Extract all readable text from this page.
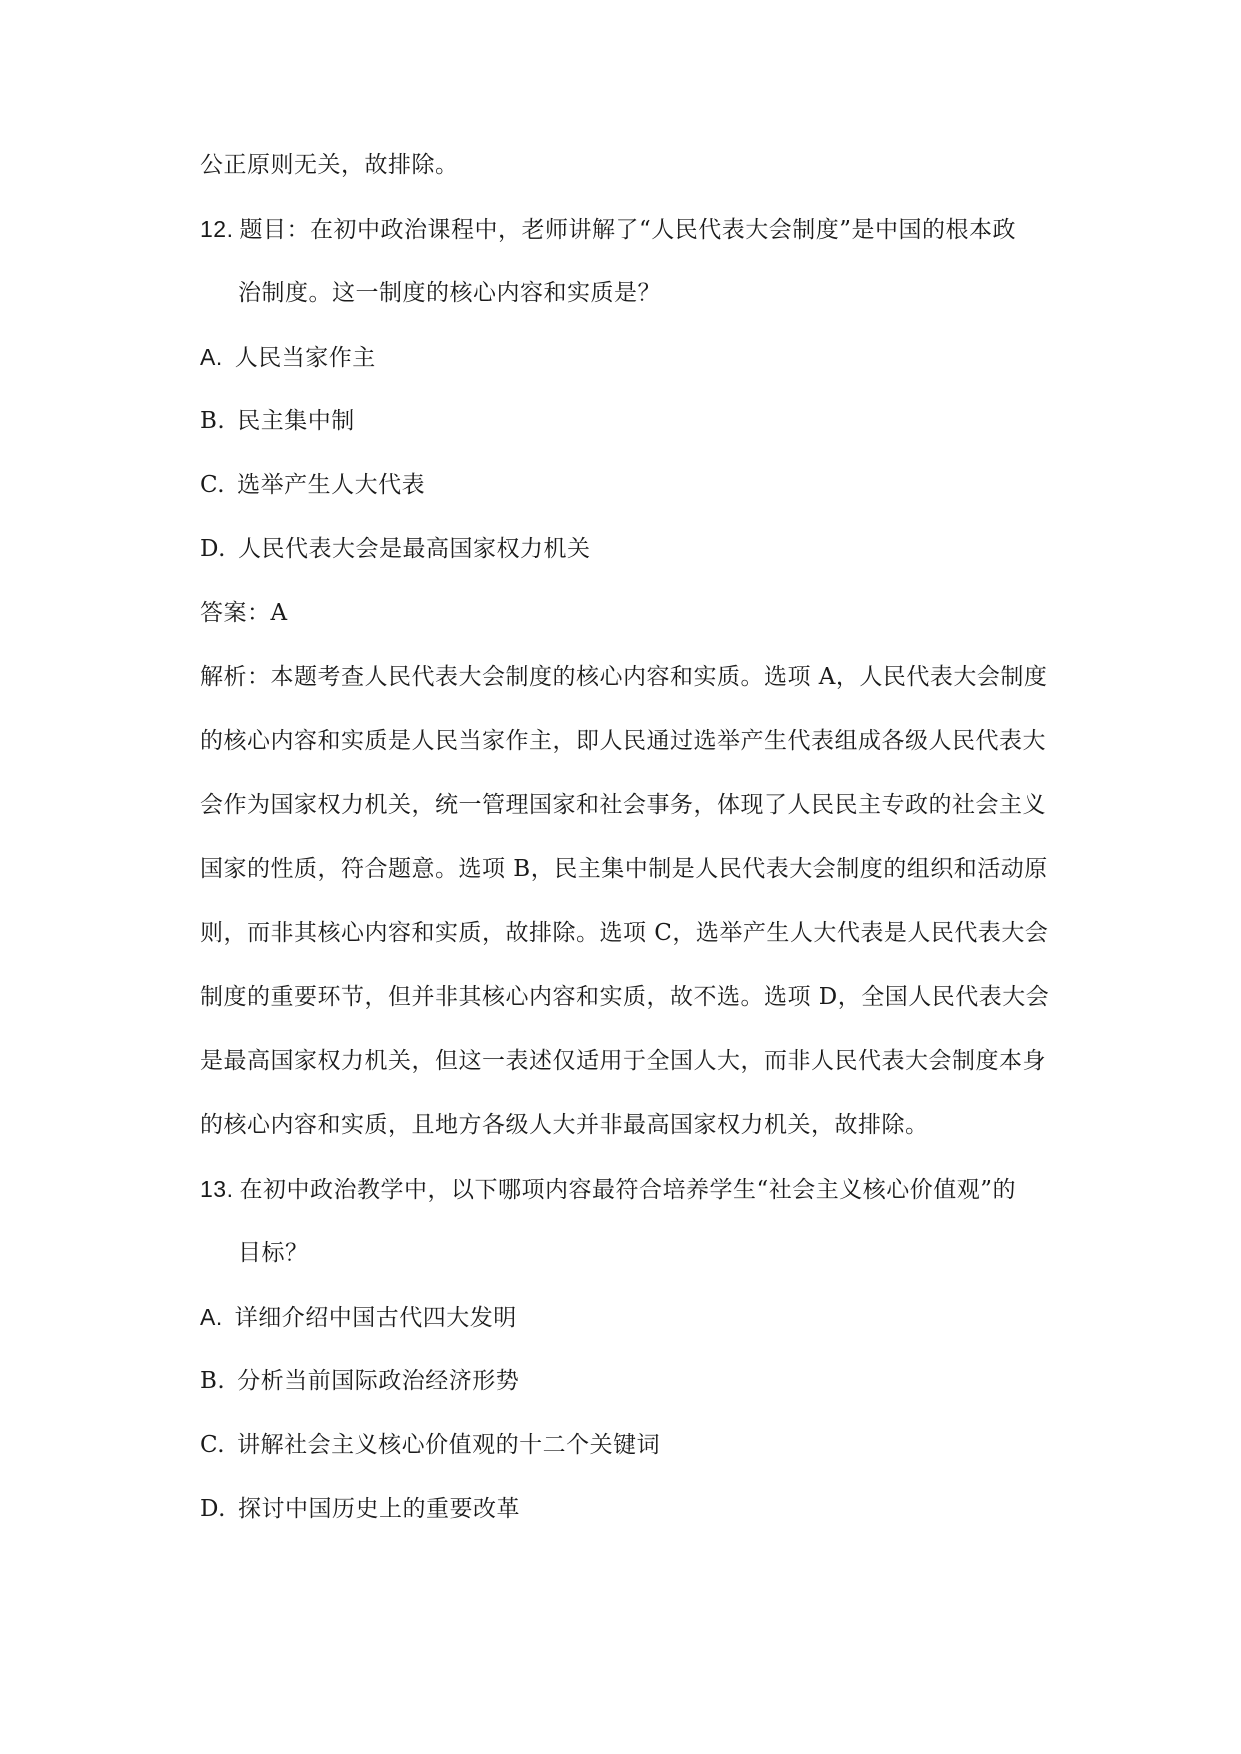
公正原则无关，故排除。
12. 题目：在初中政治课程中，老师讲解了“人民代表大会制度”是中国的根本政
治制度。这一制度的核心内容和实质是？
A. 人民当家作主
B. 民主集中制
C. 选举产生人大代表
D. 人民代表大会是最高国家权力机关
答案：A
解析：本题考查人民代表大会制度的核心内容和实质。选项 A，人民代表大会制度
的核心内容和实质是人民当家作主，即人民通过选举产生代表组成各级人民代表大
会作为国家权力机关，统一管理国家和社会事务，体现了人民民主专政的社会主义
国家的性质，符合题意。选项 B，民主集中制是人民代表大会制度的组织和活动原
则，而非其核心内容和实质，故排除。选项 C，选举产生人大代表是人民代表大会
制度的重要环节，但并非其核心内容和实质，故不选。选项 D，全国人民代表大会
是最高国家权力机关，但这一表述仅适用于全国人大，而非人民代表大会制度本身
的核心内容和实质，且地方各级人大并非最高国家权力机关，故排除。
13. 在初中政治教学中，以下哪项内容最符合培养学生“社会主义核心价值观”的
目标？
A. 详细介绍中国古代四大发明
B. 分析当前国际政治经济形势
C. 讲解社会主义核心价值观的十二个关键词
D. 探讨中国历史上的重要改革
